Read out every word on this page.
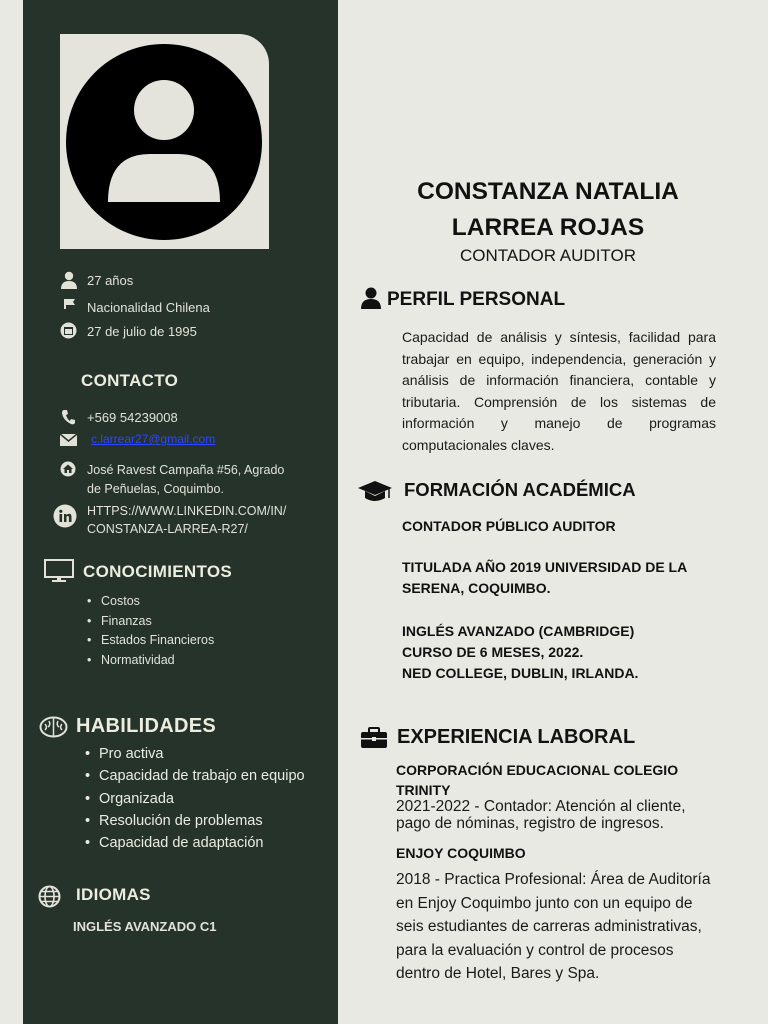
27 años
Nacionalidad Chilena
27 de julio de 1995
CONTACTO
+569 54239008
c.larrear27@gmail.com
José Ravest Campaña #56, Agrado
de Peñuelas, Coquimbo.
HTTPS://WWW.LINKEDIN.COM/IN/
CONSTANZA-LARREA-R27/
CONOCIMIENTOS
• Costos
• Finanzas
• Estados Financieros
• Normatividad
HABILIDADES
• Pro activa
• Capacidad de trabajo en equipo
• Organizada
• Resolución de problemas
• Capacidad de adaptación
IDIOMAS
INGLÉS AVANZADO C1
CONSTANZA NATALIA
LARREA ROJAS
CONTADOR AUDITOR
PERFIL PERSONAL
Capacidad de análisis y síntesis, facilidad para trabajar en equipo, independencia, generación y análisis de información financiera, contable y tributaria. Comprensión de los sistemas de información y manejo de programas computacionales claves.
FORMACIÓN ACADÉMICA
CONTADOR PÚBLICO AUDITOR
TITULADA AÑO 2019 UNIVERSIDAD DE LA
SERENA, COQUIMBO.
INGLÉS AVANZADO (CAMBRIDGE)
CURSO DE 6 MESES, 2022.
NED COLLEGE, DUBLIN, IRLANDA.
EXPERIENCIA LABORAL
CORPORACIÓN EDUCACIONAL COLEGIO
TRINITY
2021-2022 - Contador: Atención al cliente,
pago de nóminas, registro de ingresos.
ENJOY COQUIMBO
2018 - Practica Profesional: Área de Auditoría
en Enjoy Coquimbo junto con un equipo de
seis estudiantes de carreras administrativas,
para la evaluación y control de procesos
dentro de Hotel, Bares y Spa.
